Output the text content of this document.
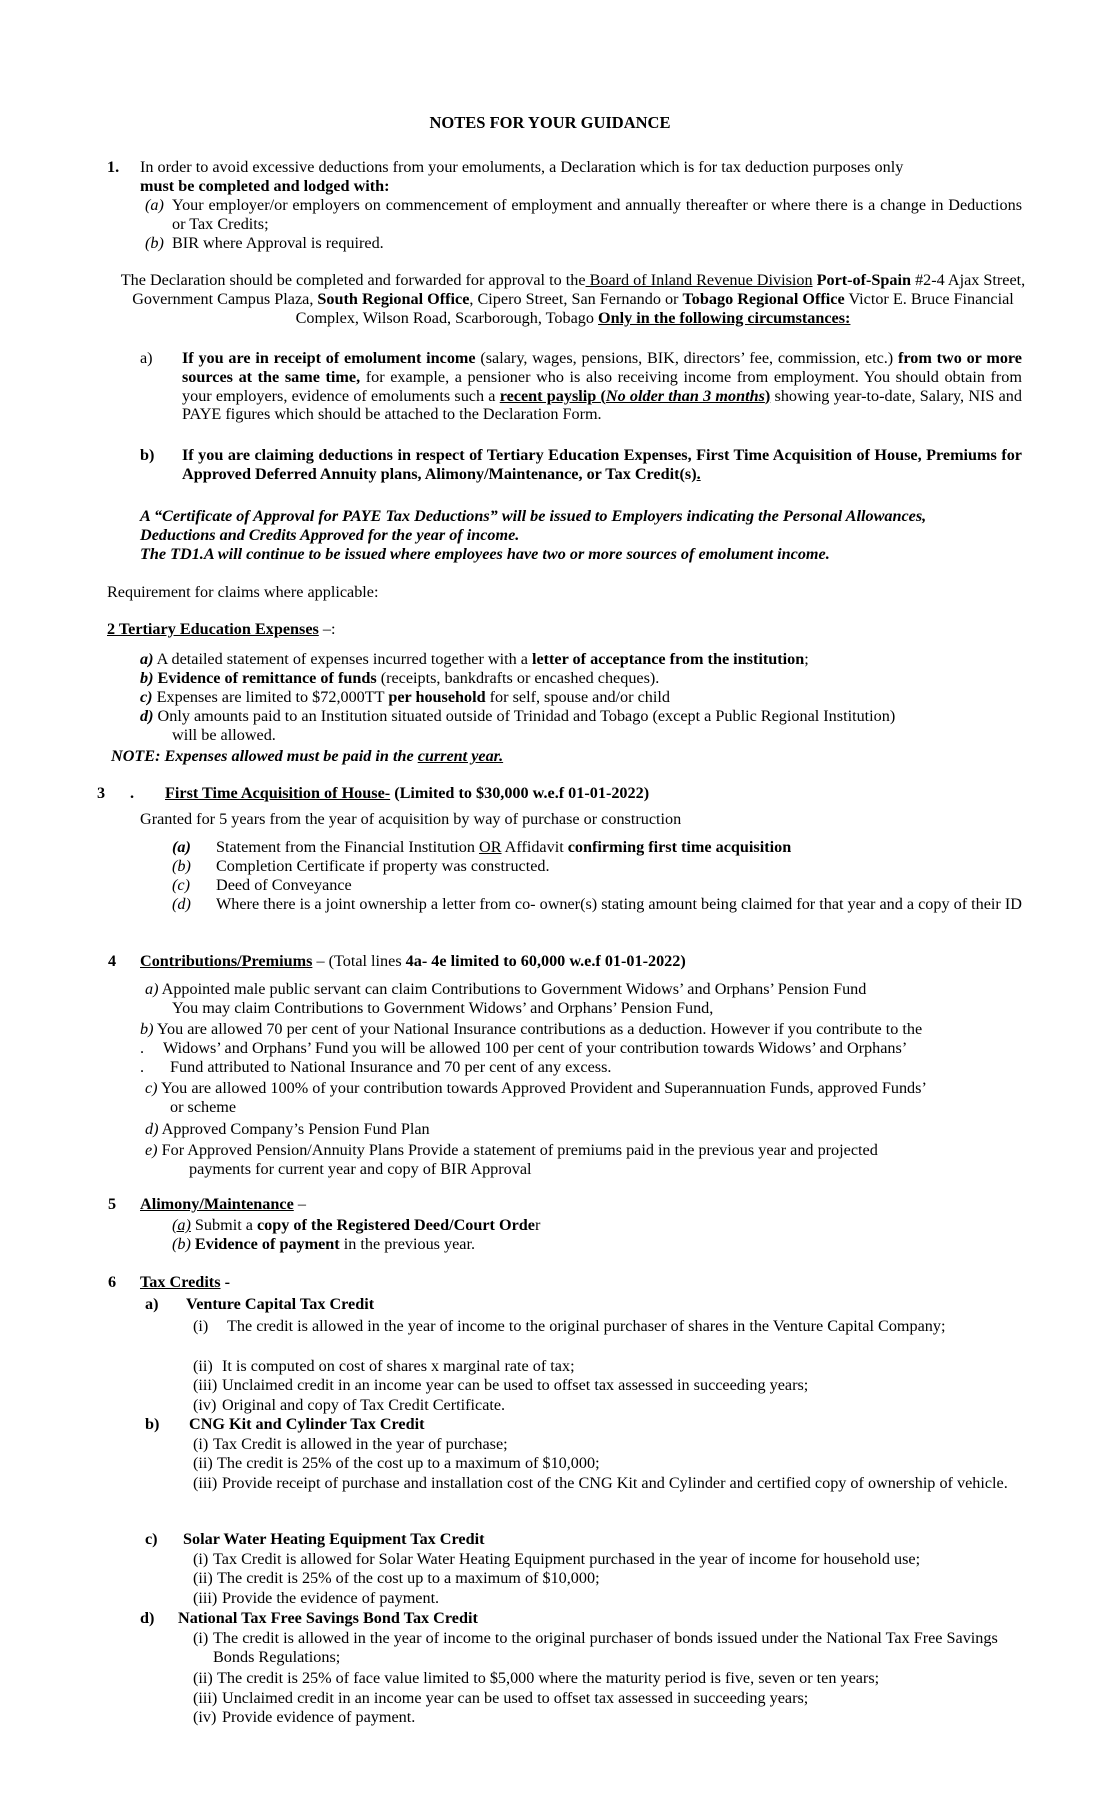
NOTES FOR YOUR GUIDANCE
1. In order to avoid excessive deductions from your emoluments, a Declaration which is for tax deduction purposes only
must be completed and lodged with:
(a) Your employer/or employers on commencement of employment and annually thereafter or where there is a change in Deductions or Tax Credits;
(b) BIR where Approval is required.
The Declaration should be completed and forwarded for approval to the Board of Inland Revenue Division Port-of-Spain #2-4 Ajax Street, Government Campus Plaza, South Regional Office, Cipero Street, San Fernando or Tobago Regional Office Victor E. Bruce Financial Complex, Wilson Road, Scarborough, Tobago Only in the following circumstances:
a) If you are in receipt of emolument income (salary, wages, pensions, BIK, directors’ fee, commission, etc.) from two or more sources at the same time, for example, a pensioner who is also receiving income from employment. You should obtain from your employers, evidence of emoluments such a recent payslip (No older than 3 months) showing year-to-date, Salary, NIS and PAYE figures which should be attached to the Declaration Form.
b) If you are claiming deductions in respect of Tertiary Education Expenses, First Time Acquisition of House, Premiums for Approved Deferred Annuity plans, Alimony/Maintenance, or Tax Credit(s).
A “Certificate of Approval for PAYE Tax Deductions” will be issued to Employers indicating the Personal Allowances,
Deductions and Credits Approved for the year of income.
The TD1.A will continue to be issued where employees have two or more sources of emolument income.
Requirement for claims where applicable:
2 Tertiary Education Expenses –:
a) A detailed statement of expenses incurred together with a letter of acceptance from the institution;
b) Evidence of remittance of funds (receipts, bankdrafts or encashed cheques).
c) Expenses are limited to $72,000TT per household for self, spouse and/or child
d) Only amounts paid to an Institution situated outside of Trinidad and Tobago (except a Public Regional Institution)
will be allowed.
NOTE: Expenses allowed must be paid in the current year.
3 . First Time Acquisition of House- (Limited to $30,000 w.e.f 01-01-2022)
Granted for 5 years from the year of acquisition by way of purchase or construction
(a) Statement from the Financial Institution OR Affidavit confirming first time acquisition
(b) Completion Certificate if property was constructed.
(c) Deed of Conveyance
(d) Where there is a joint ownership a letter from co- owner(s) stating amount being claimed for that year and a copy of their ID
4 Contributions/Premiums – (Total lines 4a- 4e limited to 60,000 w.e.f 01-01-2022)
a) Appointed male public servant can claim Contributions to Government Widows’ and Orphans’ Pension Fund
You may claim Contributions to Government Widows’ and Orphans’ Pension Fund,
b) You are allowed 70 per cent of your National Insurance contributions as a deduction. However if you contribute to the
. Widows’ and Orphans’ Fund you will be allowed 100 per cent of your contribution towards Widows’ and Orphans’
. Fund attributed to National Insurance and 70 per cent of any excess.
c) You are allowed 100% of your contribution towards Approved Provident and Superannuation Funds, approved Funds’
or scheme
d) Approved Company’s Pension Fund Plan
e) For Approved Pension/Annuity Plans Provide a statement of premiums paid in the previous year and projected
payments for current year and copy of BIR Approval
5 Alimony/Maintenance –
(a) Submit a copy of the Registered Deed/Court Order
(b) Evidence of payment in the previous year.
6 Tax Credits -
a) Venture Capital Tax Credit
(i) The credit is allowed in the year of income to the original purchaser of shares in the Venture Capital Company;
(ii) It is computed on cost of shares x marginal rate of tax;
(iii) Unclaimed credit in an income year can be used to offset tax assessed in succeeding years;
(iv) Original and copy of Tax Credit Certificate.
b) CNG Kit and Cylinder Tax Credit
(i) Tax Credit is allowed in the year of purchase;
(ii) The credit is 25% of the cost up to a maximum of $10,000;
(iii) Provide receipt of purchase and installation cost of the CNG Kit and Cylinder and certified copy of ownership of vehicle.
c) Solar Water Heating Equipment Tax Credit
(i) Tax Credit is allowed for Solar Water Heating Equipment purchased in the year of income for household use;
(ii) The credit is 25% of the cost up to a maximum of $10,000;
(iii) Provide the evidence of payment.
d) National Tax Free Savings Bond Tax Credit
(i) The credit is allowed in the year of income to the original purchaser of bonds issued under the National Tax Free Savings Bonds Regulations;
(ii) The credit is 25% of face value limited to $5,000 where the maturity period is five, seven or ten years;
(iii) Unclaimed credit in an income year can be used to offset tax assessed in succeeding years;
(iv) Provide evidence of payment.
